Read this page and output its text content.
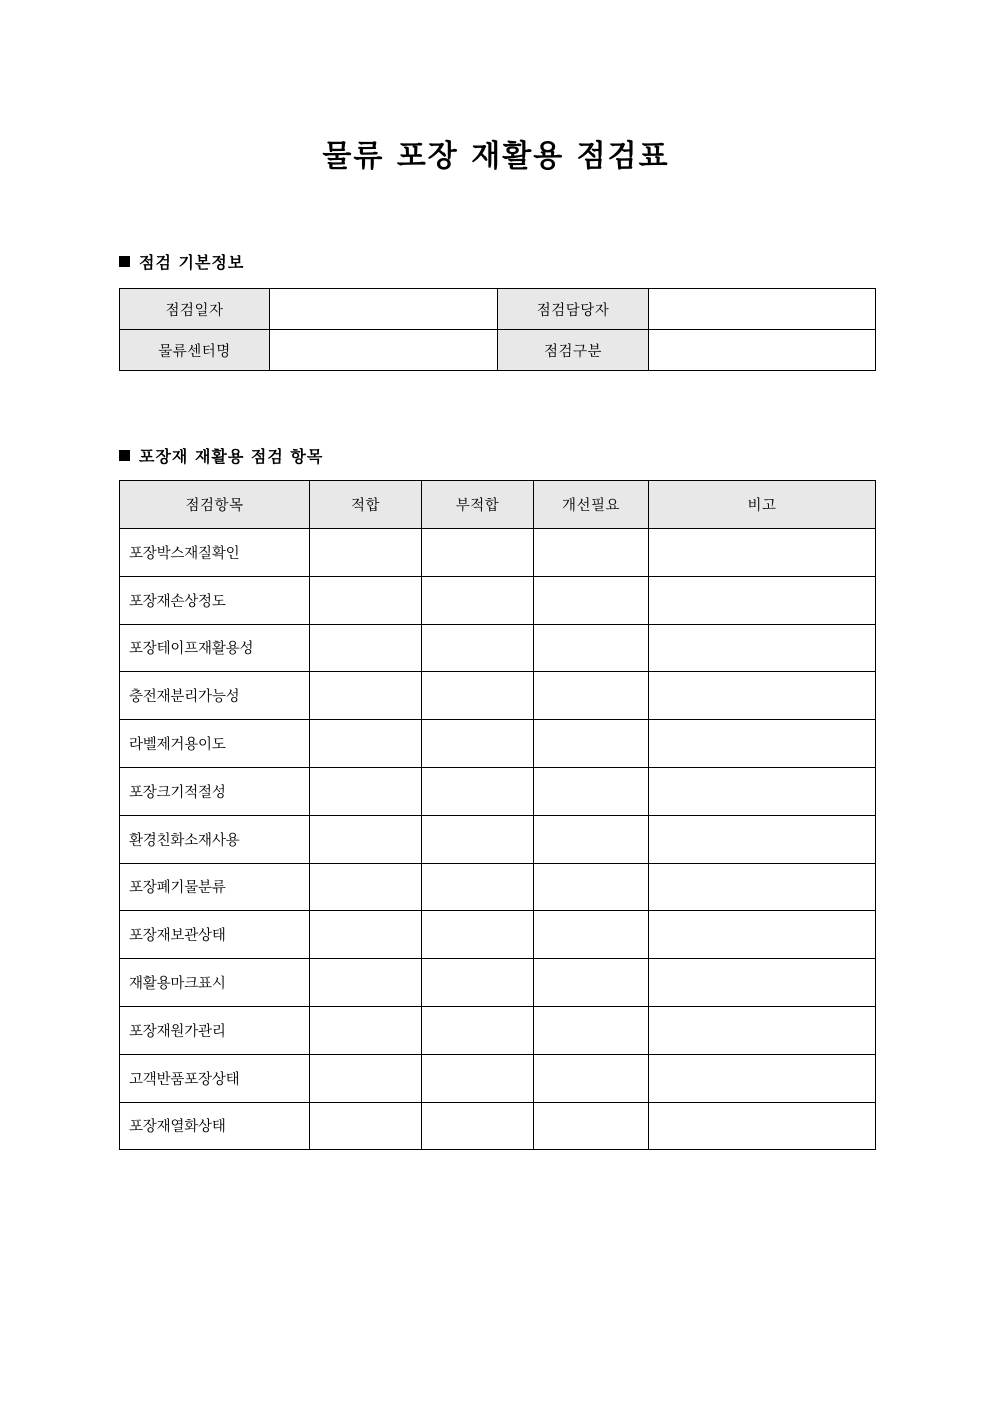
물류 포장 재활용 점검표
점검 기본정보
점검일자		점검담당자	
물류센터명		점검구분	
포장재 재활용 점검 항목
점검항목	적합	부적합	개선필요	비고
포장박스재질확인				
포장재손상정도				
포장테이프재활용성				
충전재분리가능성				
라벨제거용이도				
포장크기적절성				
환경친화소재사용				
포장폐기물분류				
포장재보관상태				
재활용마크표시				
포장재원가관리				
고객반품포장상태				
포장재열화상태				
